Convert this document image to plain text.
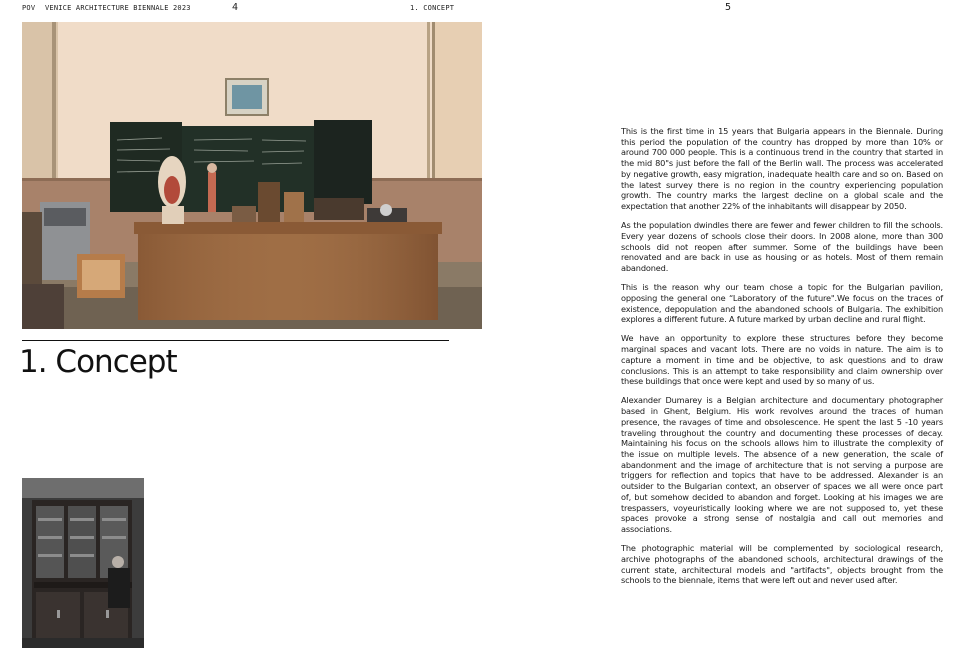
POV VENICE ARCHITECTURE BIENNALE 2023	4	1. CONCEPT	5
1. Concept

This is the first time in 15 years that Bulgaria appears in the Biennale. During this period the population of the country has dropped by more than 10% or around 700 000 people. This is a continuous trend in the country that started in the mid 80"s just before the fall of the Berlin wall. The process was accelerated by negative growth, easy migration, inadequate health care and so on. Based on the latest survey there is no region in the country experiencing population growth. The country marks the largest decline on a global scale and the expectation that another 22% of the inhabitants will disappear by 2050.

As the population dwindles there are fewer and fewer children to fill the schools. Every year dozens of schools close their doors. In 2008 alone, more than 300 schools did not reopen after summer. Some of the buildings have been renovated and are back in use as housing or as hotels. Most of them remain abandoned.

This is the reason why our team chose a topic for the Bulgarian pavilion, opposing the general one “Laboratory of the future".We focus on the traces of existence, depopulation and the abandoned schools of Bulgaria. The exhibition explores a different future. A future marked by urban decline and rural flight.

We have an opportunity to explore these structures before they become marginal spaces and vacant lots. There are no voids in nature. The aim is to capture a moment in time and be objective, to ask questions and to draw conclusions. This is an attempt to take responsibility and claim ownership over these buildings that once were kept and used by so many of us.

Alexander Dumarey is a Belgian architecture and documentary photographer based in Ghent, Belgium. His work revolves around the traces of human presence, the ravages of time and obsolescence. He spent the last 5 -10 years traveling throughout the country and documenting these processes of decay. Maintaining his focus on the schools allows him to illustrate the complexity of the issue on multiple levels. The absence of a new generation, the scale of abandonment and the image of architecture that is not serving a purpose are triggers for reflection and topics that have to be addressed. Alexander is an outsider to the Bulgarian context, an observer of spaces we all were once part of, but somehow decided to abandon and forget. Looking at his images we are trespassers, voyeuristically looking where we are not supposed to, yet these spaces provoke a strong sense of nostalgia and call out memories and associations.

The photographic material will be complemented by sociological research, archive photographs of the abandoned schools, architectural drawings of the current state, architectural models and "artifacts", objects brought from the schools to the biennale, items that were left out and never used after.
